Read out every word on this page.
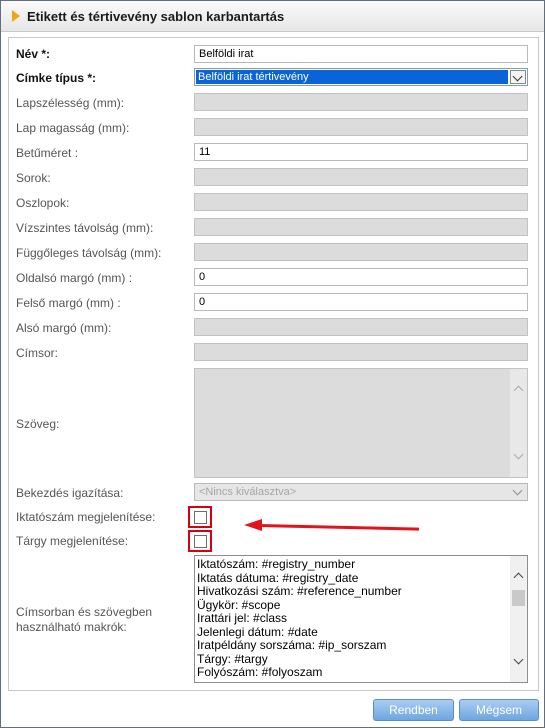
Etikett és tértivevény sablon karbantartás
Név *:	Belföldi irat
Címke típus *:	Belföldi irat tértivevény
Lapszélesség (mm):
Lap magasság (mm):
Betűméret :	11
Sorok:
Oszlopok:
Vízszintes távolság (mm):
Függőleges távolság (mm):
Oldalsó margó (mm) :	0
Felső margó (mm) :	0
Alsó margó (mm):
Címsor:
Szöveg:
Bekezdés igazítása:	<Nincs kiválasztva>
Iktatószám megjelenítése:
Tárgy megjelenítése:
Címsorban és szövegben
használható makrók:
Iktatószám: #registry_number
Iktatás dátuma: #registry_date
Hivatkozási szám: #reference_number
Ügykör: #scope
Irattári jel: #class
Jelenlegi dátum: #date
Iratpéldány sorszáma: #ip_sorszam
Tárgy: #targy
Folyószám: #folyoszam
Rendben	Mégsem
